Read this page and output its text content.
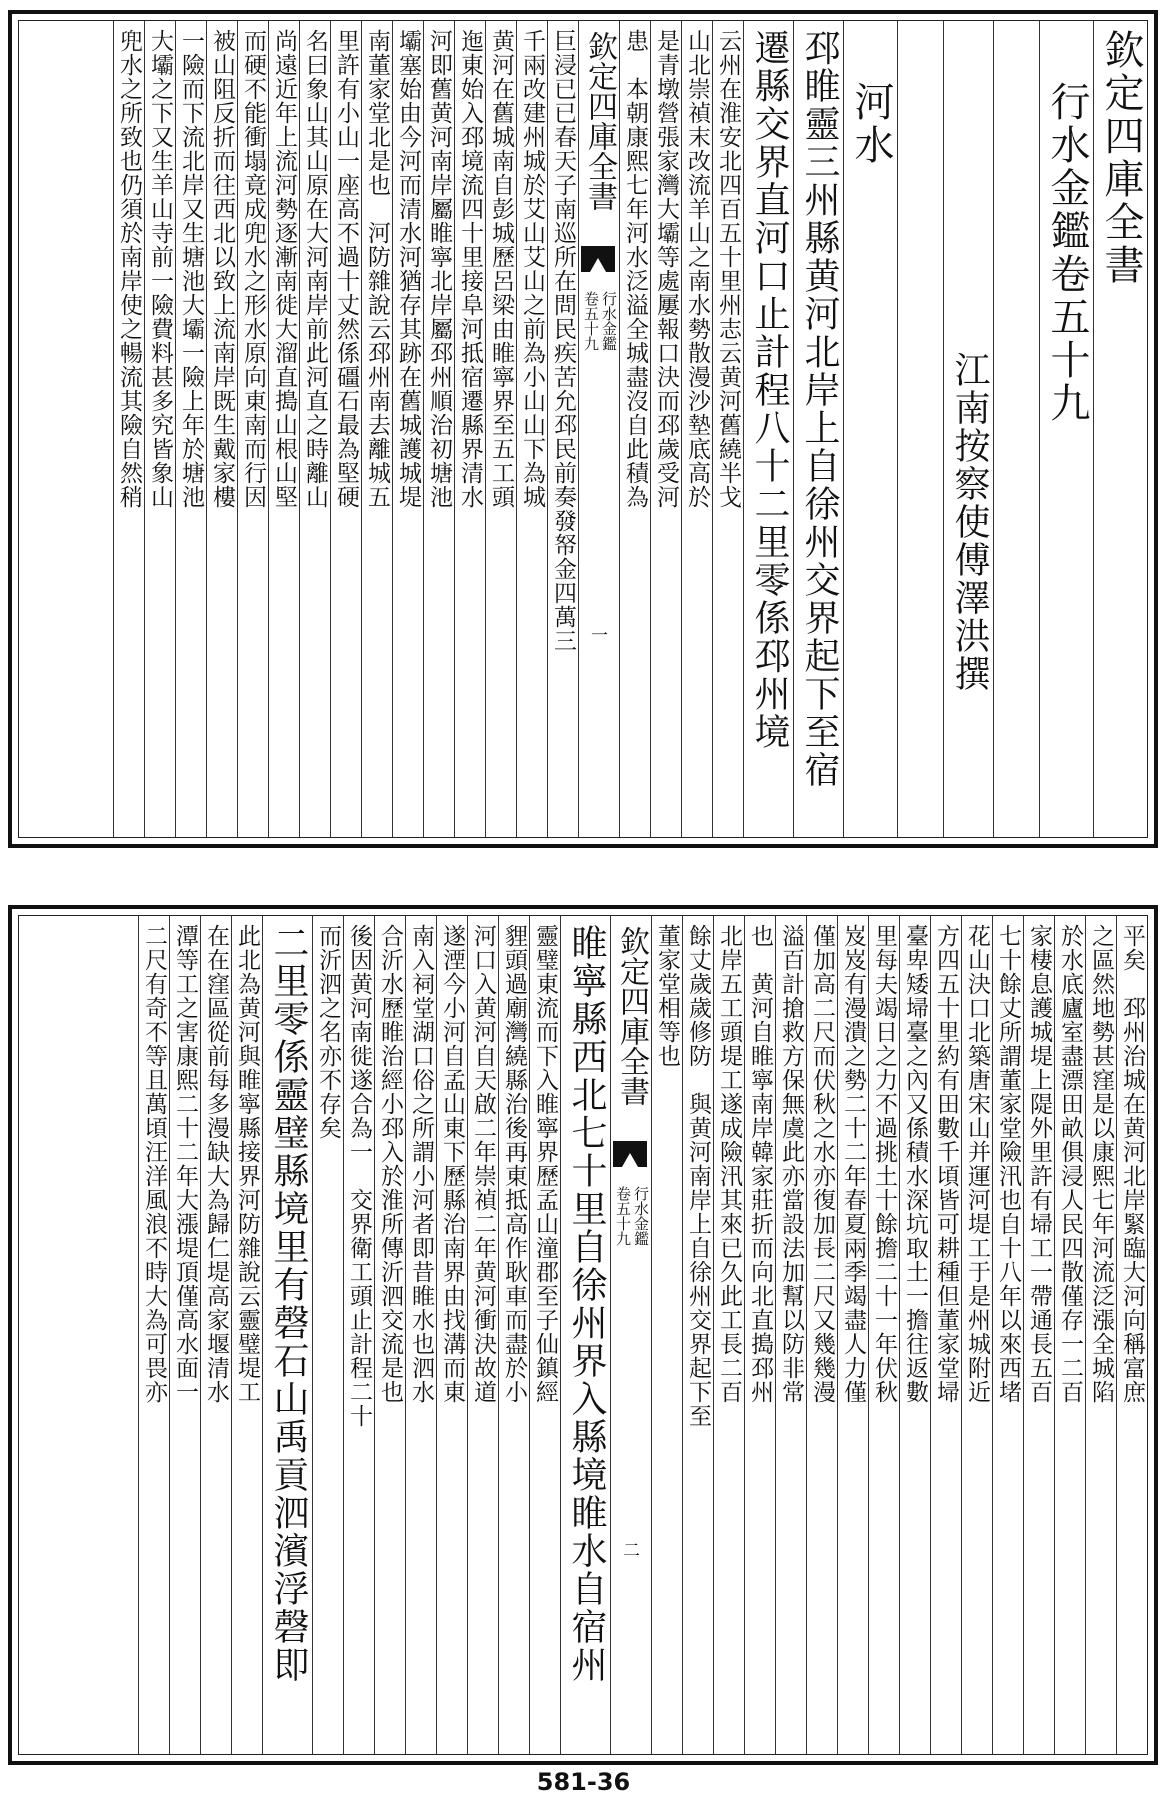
欽定四庫全書
行水金鑑卷五十九
江南按察使傅澤洪撰
河水
邳睢靈三州縣黄河北岸上自徐州交界起下至宿
遷縣交界直河口止計程八十二里零係邳州境
云州在淮安北四百五十里州志云黄河舊繞半戈
山北崇禎末改流羊山之南水勢散漫沙墊底高於
是青墩營張家灣大壩等處屢報口決而邳歲受河
患　本朝康熙七年河水泛溢全城盡沒自此積為
欽定四庫全書
行水金鑑
卷五十九
一
巨浸已已春天子南巡所在問民疾苦允邳民前奏發帑金四萬三
千兩改建州城於艾山艾山之前為小山山下為城
黄河在舊城南自彭城歷呂梁由睢寧界至五工頭
迤東始入邳境流四十里接阜河抵宿遷縣界清水
河即舊黄河南岸屬睢寧北岸屬邳州順治初塘池
壩塞始由今河而清水河猶存其跡在舊城護城堤
南董家堂北是也　河防雜說云邳州南去離城五
里許有小山一座高不過十丈然係礓石最為堅硬
名曰象山其山原在大河南岸前此河直之時離山
尚遠近年上流河勢逐漸南徙大溜直搗山根山堅
而硬不能衝塌竟成兜水之形水原向東南而行因
被山阻反折而往西北以致上流南岸既生戴家樓
一險而下流北岸又生塘池大壩一險上年於塘池
大壩之下又生羊山寺前一險費料甚多究皆象山
兜水之所致也仍須於南岸使之暢流其險自然稍
平矣　邳州治城在黄河北岸緊臨大河向稱富庶
之區然地勢甚窪是以康熙七年河流泛漲全城陷
於水底廬室盡漂田畝俱浸人民四散僅存一二百
家棲息護城堤上隄外里許有埽工一帶通長五百
七十餘丈所謂董家堂險汛也自十八年以來西堵
花山決口北築唐宋山并運河堤工于是州城附近
方四五十里約有田數千頃皆可耕種但董家堂埽
臺卑矮埽臺之內又係積水深坑取土一擔往返數
里每夫竭日之力不過挑土十餘擔二十一年伏秋
岌岌有漫潰之勢二十二年春夏兩季竭盡人力僅
僅加高二尺而伏秋之水亦復加長二尺又幾幾漫
溢百計搶救方保無虞此亦當設法加幫以防非常
也　黄河自睢寧南岸韓家莊折而向北直搗邳州
北岸五工頭堤工遂成險汛其來已久此工長二百
餘丈歲歲修防　與黄河南岸上自徐州交界起下至
董家堂相等也
欽定四庫全書
行水金鑑
卷五十九
二
睢寧縣西北七十里自徐州界入縣境睢水自宿州
靈璧東流而下入睢寧界歷孟山潼郡至子仙鎮經
貍頭過廟灣繞縣治後再東抵高作耿車而盡於小
河口入黄河自天啟二年崇禎二年黄河衝決故道
遂湮今小河自孟山東下歷縣治南界由找溝而東
南入祠堂湖口俗之所謂小河者即昔睢水也泗水
合沂水歷睢治經小邳入於淮所傳沂泗交流是也
後因黄河南徙遂合為一　交界衛工頭止計程二十
而沂泗之名亦不存矣
二里零係靈璧縣境里有磬石山禹貢泗濱浮磬即
此北為黄河與睢寧縣接界河防雜說云靈璧堤工
在在窪區從前每多漫缺大為歸仁堤高家堰清水
潭等工之害康熙二十二年大漲堤頂僅高水面一
二尺有奇不等且萬頃汪洋風浪不時大為可畏亦
581-36
